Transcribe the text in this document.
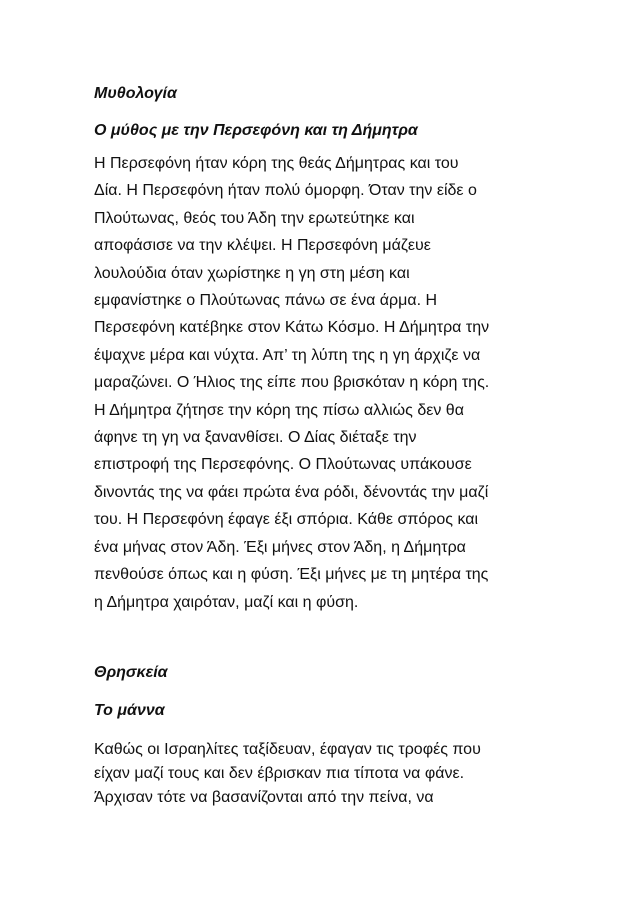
Μυθολογία
Ο μύθος με την Περσεφόνη και τη Δήμητρα

Η Περσεφόνη ήταν κόρη της θεάς Δήμητρας και του
Δία. Η Περσεφόνη ήταν πολύ όμορφη. Όταν την είδε ο
Πλούτωνας, θεός του Άδη την ερωτεύτηκε και
αποφάσισε να την κλέψει. Η Περσεφόνη μάζευε
λουλούδια όταν χωρίστηκε η γη στη μέση και
εμφανίστηκε ο Πλούτωνας πάνω σε ένα άρμα. Η
Περσεφόνη κατέβηκε στον Κάτω Κόσμο. Η Δήμητρα την
έψαχνε μέρα και νύχτα. Απ’ τη λύπη της η γη άρχιζε να
μαραζώνει. Ο Ήλιος της είπε που βρισκόταν η κόρη της.
Η Δήμητρα ζήτησε την κόρη της πίσω αλλιώς δεν θα
άφηνε τη γη να ξανανθίσει. Ο Δίας διέταξε την
επιστροφή της Περσεφόνης. Ο Πλούτωνας υπάκουσε
δινοντάς της να φάει πρώτα ένα ρόδι, δένοντάς την μαζί
του. Η Περσεφόνη έφαγε έξι σπόρια. Κάθε σπόρος και
ένα μήνας στον Άδη. Έξι μήνες στον Άδη, η Δήμητρα
πενθούσε όπως και η φύση. Έξι μήνες με τη μητέρα της
η Δήμητρα χαιρόταν, μαζί και η φύση.

Θρησκεία
Το μάννα

Καθώς οι Ισραηλίτες ταξίδευαν, έφαγαν τις τροφές που
είχαν μαζί τους και δεν έβρισκαν πια τίποτα να φάνε.
Άρχισαν τότε να βασανίζονται από την πείνα, να
